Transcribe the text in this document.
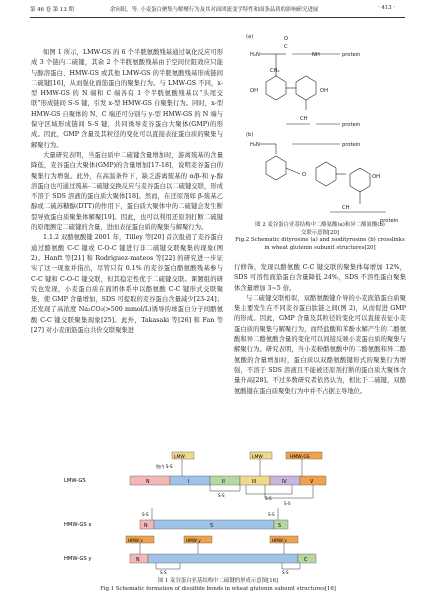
第 46 卷 第 13 期	余向阳，等. 小麦蛋白聚集与解聚行为及其对面团流变学特性和面条品质的影响研究进展	· 413 ·

如图 1 所示，LMW-GS 的 6 个半胱氨酸残基通过氧化反应可形成 3 个链内二硫键，其余 2 个半胱氨酸残基由于空间位阻效应只能与醇溶蛋白、HMW-GS 或其他 LMW-GS 的半胱氨酸残基形成链间二硫键[16]，从而强化面筋蛋白的聚集行为。与 LMW-GS 不同，x-型 HMW-GS 的 N 端和 C 端各有 1 个半胱氨酸残基以“头尾交联”形成链间 S-S 键，引发 x-型 HMW-GS 自聚集行为。同时，x-型 HMW-GS 自聚体的 N、C 端还可分别与 y-型 HMW-GS 的 N 端与保守区域形成链间 S-S 键，共同诱导麦谷蛋白大聚体(GMP)的形成。因此，GMP 含量及其粒径的变化可以直接表征蛋白质的聚集与解聚行为。

大量研究表明，当蛋白质中二硫键含量增加时，游离巯基的含量降低，麦谷蛋白大聚体(GMP)的含量增加[17-18]，说明麦谷蛋白的聚集行为增强。此外，在高温条件下，缺乏游离巯基的 α/β-和 γ-醇溶蛋白也可通过巯基-二硫键交换反应与麦谷蛋白以二硫键交联，形成不溶于 SDS 溶液的蛋白质大聚体[18]。然而，在还原剂如 β-巯基乙醇或二硫苏糖醇(DTT)的作用下，蛋白质大聚体中的二硫键会发生断裂导致蛋白质聚集体解聚[19]。因此，也可以利用还原剂打断二硫键的原理测定二硫键的含量，进而表征蛋白质的聚集与解聚行为。

1.1.2 双酪氨酸键 2001 年，Tilley 等[20] 首次报道了麦谷蛋白通过酪氨酸 C-C 键或 C-O-C 键进行非二硫键交联聚集的现象(图 2)。Hanft 等[21] 和 Rodriguez-mateos 等[22] 的研究进一步证实了这一现象并指出，尽管只有 0.1% 的麦谷蛋白酪氨酸残基参与 C-C 键和 C-O-C 键交联，但其稳定性优于二硫键交联。课题组的研究也发现，小麦蛋白质在面团体系中以酪氨酸 C-C 键形式交联聚集，使 GMP 含量增加，SDS 可提取的麦谷蛋白含量减少[23-24]；还发现了高浓度 Na₂CO₃(>500 mmol/L)诱导的球蛋白分子间酪氨酸 C-C 键交联聚集现象[25]。此外，Takasaki 等[26] 和 Fan 等[27] 对小麦面筋蛋白共价交联聚集进

(a)
H₂N
C
O
NH	protein
CH₂
OH	OH
CH
protein
(b)
H₂N	protein
O	OH
CH
protein
图 2 麦谷蛋白亚基结构中二酪氨酸(a)和异二酪氨酸(b)
交联示意图[20]
Fig.2 Schematic dityrosine (a) and isodityrosine (b) crosslinks
in wheat glutenin subunit structures[20]

行修饰，发现以酪氨酸 C-C 键交联的聚集体每增加 12%，SDS 可溶性面筋蛋白含量降低 24%，SDS 不溶性蛋白聚集体含量增加 3~5 倍。

与二硫键交联相似，双酪氨酸键介导的小麦面筋蛋白质聚集主要发生在不同麦谷蛋白肽链之间(图 2)，从而促进 GMP 的形成。因此，GMP 含量及其粒径的变化可以直接表征小麦蛋白质的聚集与解聚行为，而经盐酸和苯酚水解产生的二酪氨酸和异二酪氨酸含量的变化可以间接反映小麦蛋白质的聚集与解聚行为。研究表明，当小麦粉酪氨酸中的二酪氨酸和异二酪氨酸的含量增加时，蛋白质以双酪氨酸键形式的聚集行为增强，不溶于 SDS 溶液且不能被还原剂打断的蛋白质大聚体含量升高[28]。不过多数研究者依然认为，相比于二硫键，双酪氨酸键在蛋白质聚集行为中并不占据主导地位。

LMW	LMW	HMW-GS
链内 S-S
LMW-GS	N	I	II	III	IV	V
S-S
S-S
S-S
S-S	S-S
HMW-GS x	N	S	S
HMW x	HMW y	HMW x
HMW-GS y	N	C
S-S	S-S
图 1 麦谷蛋白亚基结构中二硫键的形成示意图[16]
Fig.1 Schematic formation of disulfide bonds in wheat glutenin subunit structures[16]
